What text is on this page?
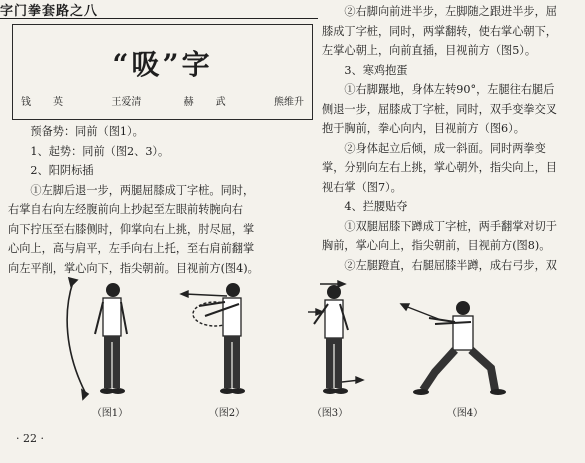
字门拳套路之八
“吸”字
钱　英	王爱清	赫　武	熊维升

预备势：同前（图1）。

1、起势：同前（图2、3）。

2、阳阴标插

①左脚后退一步，两腿屈膝成丁字桩。同时，

右掌自右向左经腹前向上抄起至左眼前转腕向右

向下拧压至右膝侧时，仰掌向右上挑，肘尽屈，掌

心向上，高与肩平，左手向右上托，至右肩前翻掌

向左平削，掌心向下，指尖朝前。目视前方(图4)。

②右脚向前进半步，左脚随之跟进半步，屈

膝成丁字桩，同时，两掌翻转，使右掌心朝下，

左掌心朝上，向前直插，目视前方（图5）。

3、寒鸡抱蛋

①右脚蹍地，身体左转90°，左腿往右腿后

侧退一步，屈膝成丁字桩，同时，双手变拳交叉

抱于胸前，拳心向内，目视前方（图6）。

②身体起立后倾，成一斜面。同时两拳变

掌，分别向左右上挑，掌心朝外，指尖向上，目

视右掌（图7）。

4、拦腰贴夺

①双腿屈膝下蹲成丁字桩，两手翻掌对切于

胸前，掌心向上，指尖朝前，目视前方(图8)。

②左腿蹬直，右腿屈膝半蹲，成右弓步，双

（图1）	（图2）	（图3）	（图4）
· 22 ·
